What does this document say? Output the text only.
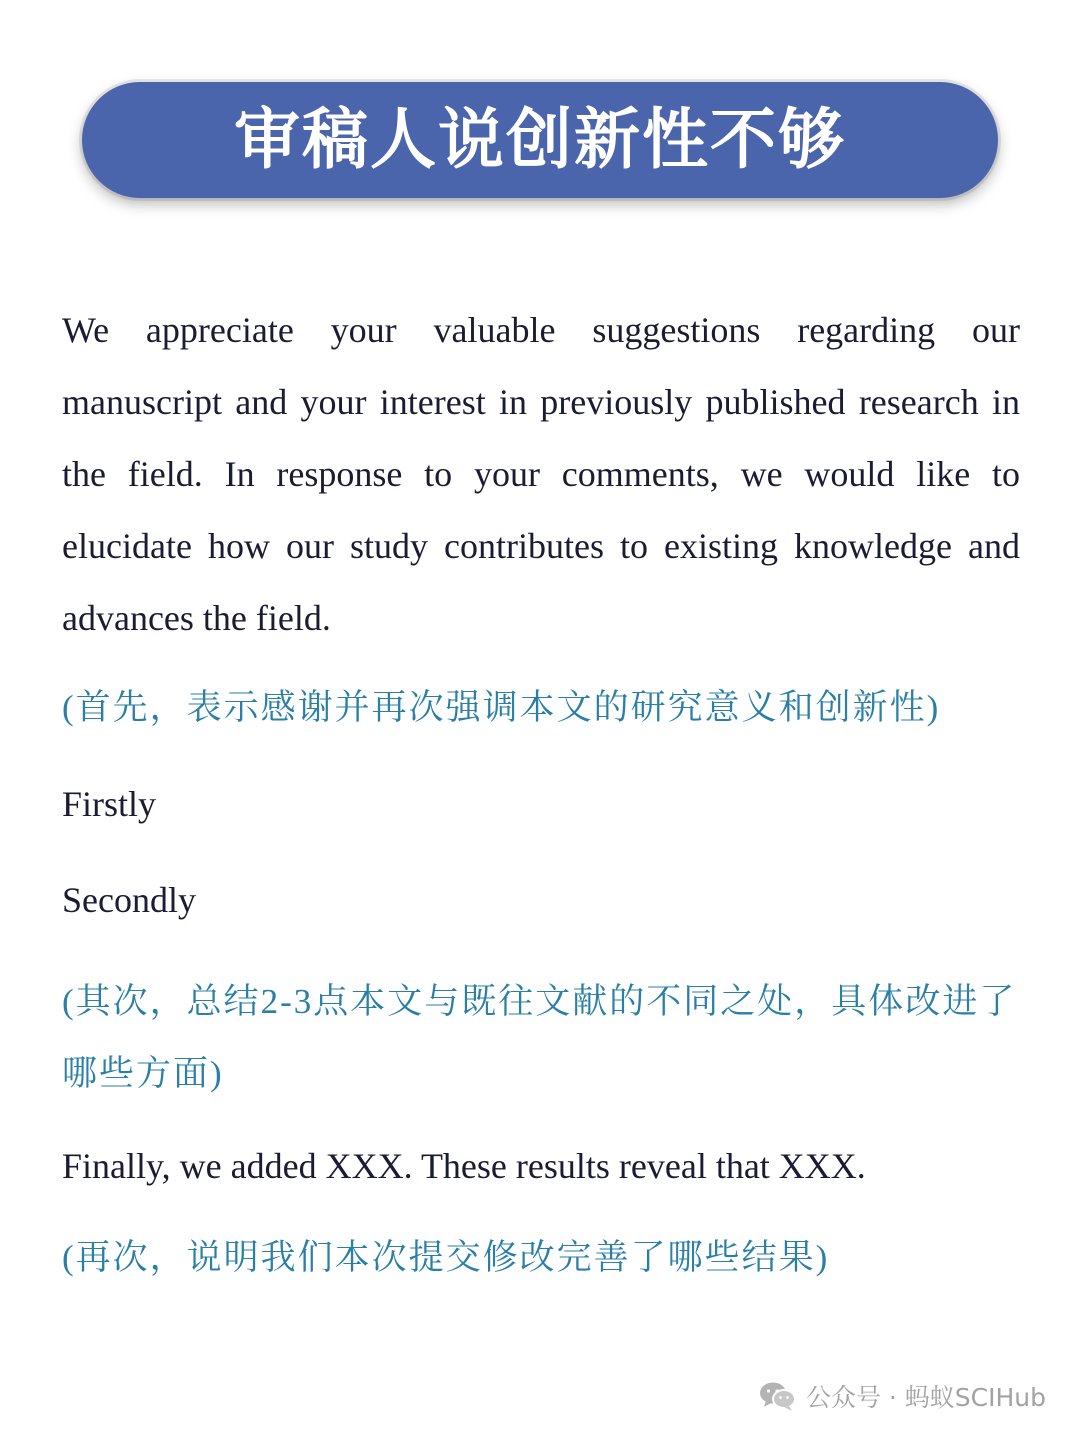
审稿人说创新性不够

We appreciate your valuable suggestions regarding our manuscript and your interest in previously published research in the field. In response to your comments, we would like to elucidate how our study contributes to existing knowledge and advances the field.

(首先，表示感谢并再次强调本文的研究意义和创新性)

Firstly

Secondly

(其次，总结2-3点本文与既往文献的不同之处，具体改进了哪些方面)

Finally, we added XXX. These results reveal that XXX.

(再次，说明我们本次提交修改完善了哪些结果)

公众号 · 蚂蚁SCIHub
